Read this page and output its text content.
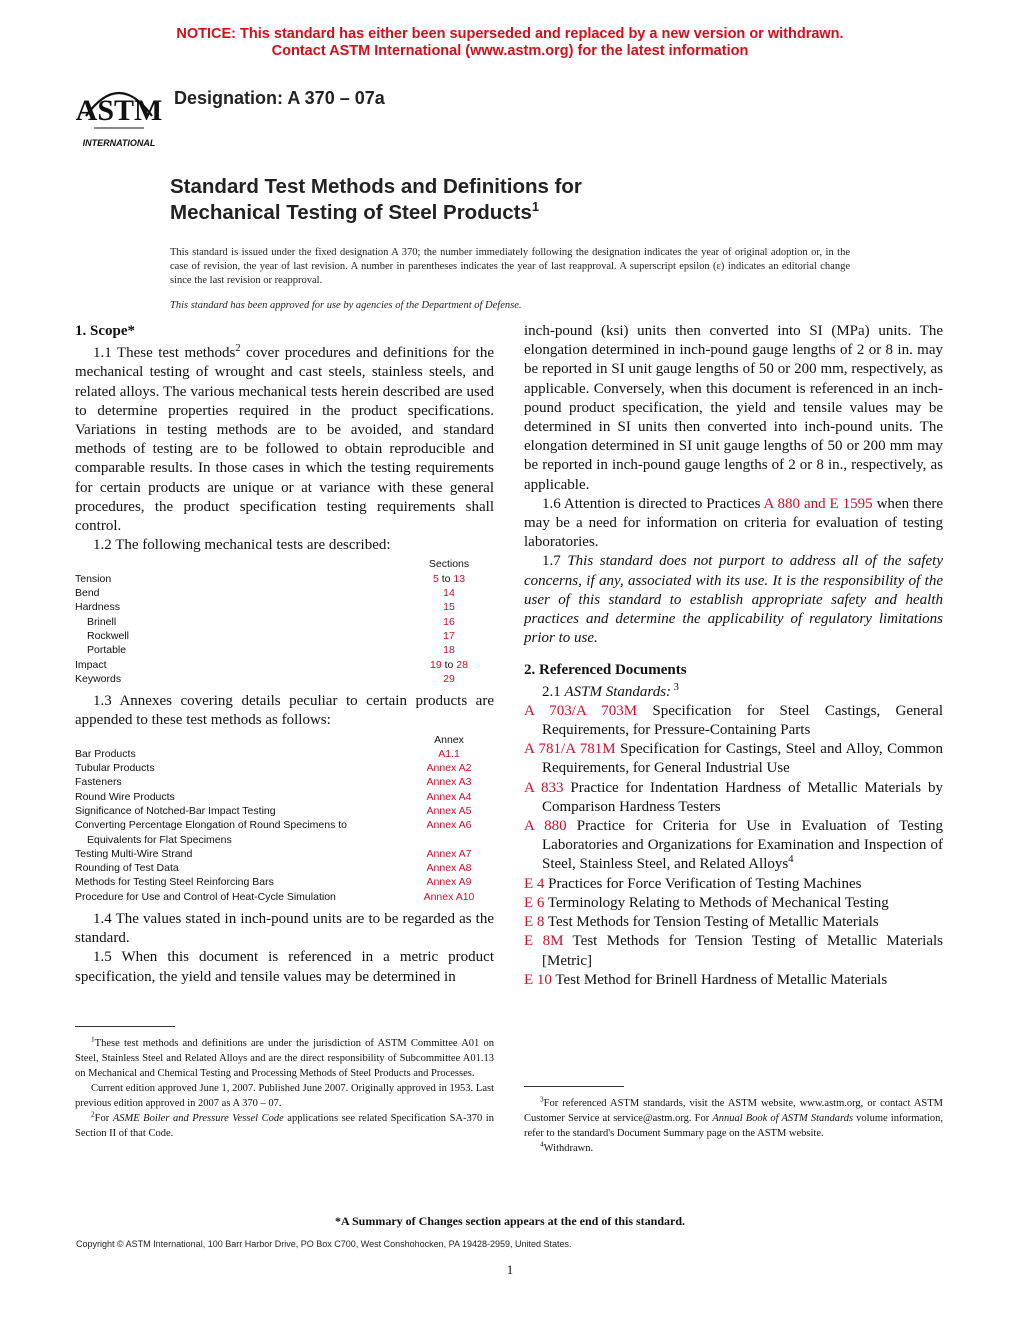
NOTICE: This standard has either been superseded and replaced by a new version or withdrawn.
Contact ASTM International (www.astm.org) for the latest information
ASTM
INTERNATIONAL
Designation: A 370 – 07a
Standard Test Methods and Definitions for
Mechanical Testing of Steel Products$^1$
This standard is issued under the fixed designation A 370; the number immediately following the designation indicates the year of original adoption or, in the case of revision, the year of last revision. A number in parentheses indicates the year of last reapproval. A superscript epsilon (ε) indicates an editorial change since the last revision or reapproval.
This standard has been approved for use by agencies of the Department of Defense.

1. Scope*

1.1 These test methods$^2$ cover procedures and definitions for the mechanical testing of wrought and cast steels, stainless steels, and related alloys. The various mechanical tests herein described are used to determine properties required in the product specifications. Variations in testing methods are to be avoided, and standard methods of testing are to be followed to obtain reproducible and comparable results. In those cases in which the testing requirements for certain products are unique or at variance with these general procedures, the product specification testing requirements shall control.

1.2 The following mechanical tests are described:

	Sections
Tension	5 to 13
Bend	14
Hardness	15
Brinell	16
Rockwell	17
Portable	18
Impact	19 to 28
Keywords	29

1.3 Annexes covering details peculiar to certain products are appended to these test methods as follows:

	Annex
Bar Products	A1.1
Tubular Products	Annex A2
Fasteners	Annex A3
Round Wire Products	Annex A4
Significance of Notched-Bar Impact Testing	Annex A5
Converting Percentage Elongation of Round Specimens to	Annex A6
Equivalents for Flat Specimens	
Testing Multi-Wire Strand	Annex A7
Rounding of Test Data	Annex A8
Methods for Testing Steel Reinforcing Bars	Annex A9
Procedure for Use and Control of Heat-Cycle Simulation	Annex A10

1.4 The values stated in inch-pound units are to be regarded as the standard.

1.5 When this document is referenced in a metric product specification, the yield and tensile values may be determined in

inch-pound (ksi) units then converted into SI (MPa) units. The elongation determined in inch-pound gauge lengths of 2 or 8 in. may be reported in SI unit gauge lengths of 50 or 200 mm, respectively, as applicable. Conversely, when this document is referenced in an inch-pound product specification, the yield and tensile values may be determined in SI units then converted into inch-pound units. The elongation determined in SI unit gauge lengths of 50 or 200 mm may be reported in inch-pound gauge lengths of 2 or 8 in., respectively, as applicable.

1.6 Attention is directed to Practices A 880 and E 1595 when there may be a need for information on criteria for evaluation of testing laboratories.

1.7 This standard does not purport to address all of the safety concerns, if any, associated with its use. It is the responsibility of the user of this standard to establish appropriate safety and health practices and determine the applicability of regulatory limitations prior to use.

2. Referenced Documents

2.1 ASTM Standards: $^3$

A 703/A 703M Specification for Steel Castings, General Requirements, for Pressure-Containing Parts

A 781/A 781M Specification for Castings, Steel and Alloy, Common Requirements, for General Industrial Use

A 833 Practice for Indentation Hardness of Metallic Materials by Comparison Hardness Testers

A 880 Practice for Criteria for Use in Evaluation of Testing Laboratories and Organizations for Examination and Inspection of Steel, Stainless Steel, and Related Alloys$^4$

E 4 Practices for Force Verification of Testing Machines

E 6 Terminology Relating to Methods of Mechanical Testing

E 8 Test Methods for Tension Testing of Metallic Materials

E 8M Test Methods for Tension Testing of Metallic Materials [Metric]

E 10 Test Method for Brinell Hardness of Metallic Materials

$^1$These test methods and definitions are under the jurisdiction of ASTM Committee A01 on Steel, Stainless Steel and Related Alloys and are the direct responsibility of Subcommittee A01.13 on Mechanical and Chemical Testing and Processing Methods of Steel Products and Processes.

Current edition approved June 1, 2007. Published June 2007. Originally approved in 1953. Last previous edition approved in 2007 as A 370 – 07.

$^2$For ASME Boiler and Pressure Vessel Code applications see related Specification SA-370 in Section II of that Code.

$^3$For referenced ASTM standards, visit the ASTM website, www.astm.org, or contact ASTM Customer Service at service@astm.org. For Annual Book of ASTM Standards volume information, refer to the standard's Document Summary page on the ASTM website.

$^4$Withdrawn.

*A Summary of Changes section appears at the end of this standard.
Copyright © ASTM International, 100 Barr Harbor Drive, PO Box C700, West Conshohocken, PA 19428-2959, United States.
1
